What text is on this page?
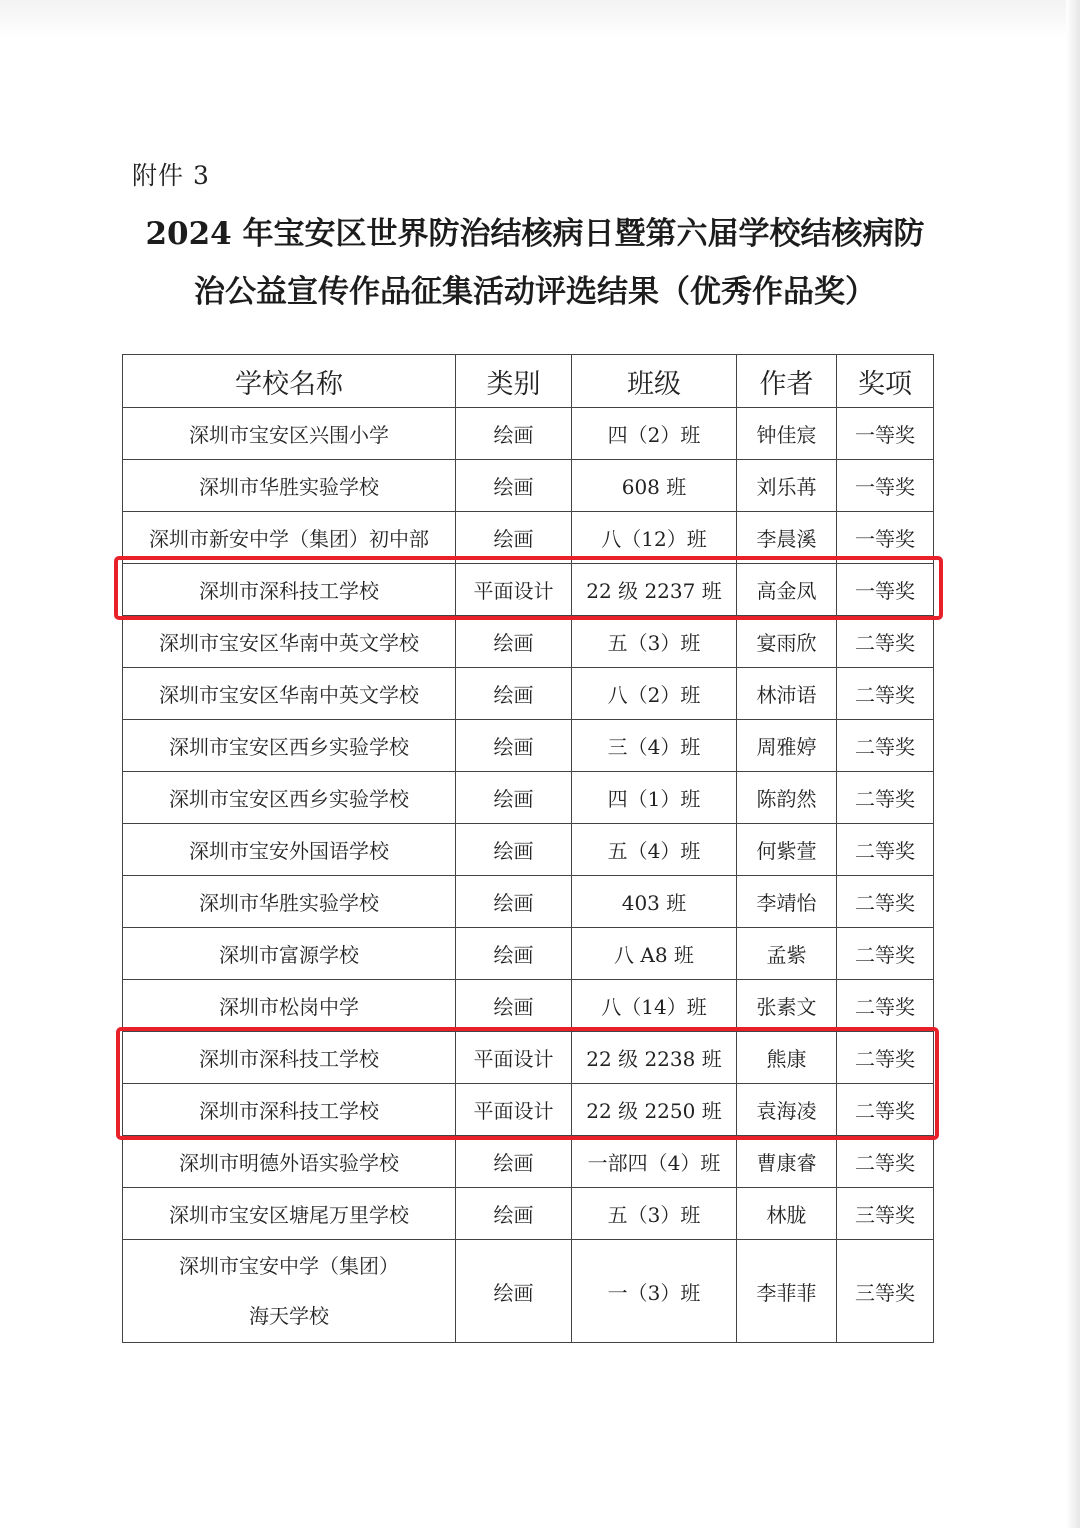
附件 3
2024 年宝安区世界防治结核病日暨第六届学校结核病防
治公益宣传作品征集活动评选结果（优秀作品奖）
学校名称	类别	班级	作者	奖项
深圳市宝安区兴围小学	绘画	四（2）班	钟佳宸	一等奖
深圳市华胜实验学校	绘画	608 班	刘乐苒	一等奖
深圳市新安中学（集团）初中部	绘画	八（12）班	李晨溪	一等奖
深圳市深科技工学校	平面设计	22 级 2237 班	高金凤	一等奖
深圳市宝安区华南中英文学校	绘画	五（3）班	宴雨欣	二等奖
深圳市宝安区华南中英文学校	绘画	八（2）班	林沛语	二等奖
深圳市宝安区西乡实验学校	绘画	三（4）班	周雅婷	二等奖
深圳市宝安区西乡实验学校	绘画	四（1）班	陈韵然	二等奖
深圳市宝安外国语学校	绘画	五（4）班	何紫萱	二等奖
深圳市华胜实验学校	绘画	403 班	李靖怡	二等奖
深圳市富源学校	绘画	八 A8 班	孟紫	二等奖
深圳市松岗中学	绘画	八（14）班	张素文	二等奖
深圳市深科技工学校	平面设计	22 级 2238 班	熊康	二等奖
深圳市深科技工学校	平面设计	22 级 2250 班	袁海凌	二等奖
深圳市明德外语实验学校	绘画	一部四（4）班	曹康睿	二等奖
深圳市宝安区塘尾万里学校	绘画	五（3）班	林胧	三等奖

深圳市宝安中学（集团）
海天学校	绘画	一（3）班	李菲菲	三等奖
